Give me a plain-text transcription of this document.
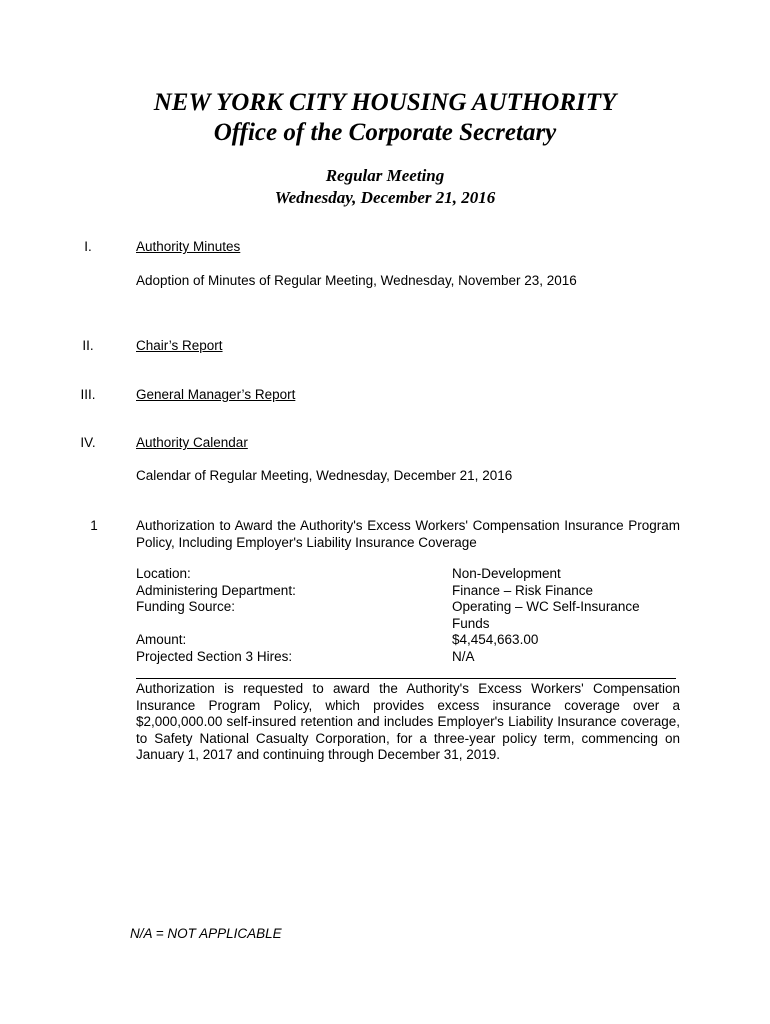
NEW YORK CITY HOUSING AUTHORITY
Office of the Corporate Secretary
Regular Meeting
Wednesday, December 21, 2016
I.	Authority Minutes
Adoption of Minutes of Regular Meeting, Wednesday, November 23, 2016
II.	Chair’s Report
III.	General Manager’s Report
IV.	Authority Calendar
Calendar of Regular Meeting, Wednesday, December 21, 2016
1	Authorization to Award the Authority's Excess Workers' Compensation Insurance Program Policy, Including Employer's Liability Insurance Coverage
Location:	Non-Development
Administering Department:	Finance – Risk Finance
Funding Source:	Operating – WC Self-Insurance
Funds
Amount:	$4,454,663.00
Projected Section 3 Hires:	N/A
Authorization is requested to award the Authority's Excess Workers' Compensation Insurance Program Policy, which provides excess insurance coverage over a $2,000,000.00 self-insured retention and includes Employer's Liability Insurance coverage, to Safety National Casualty Corporation, for a three-year policy term, commencing on January 1, 2017 and continuing through December 31, 2019.
N/A = NOT APPLICABLE
